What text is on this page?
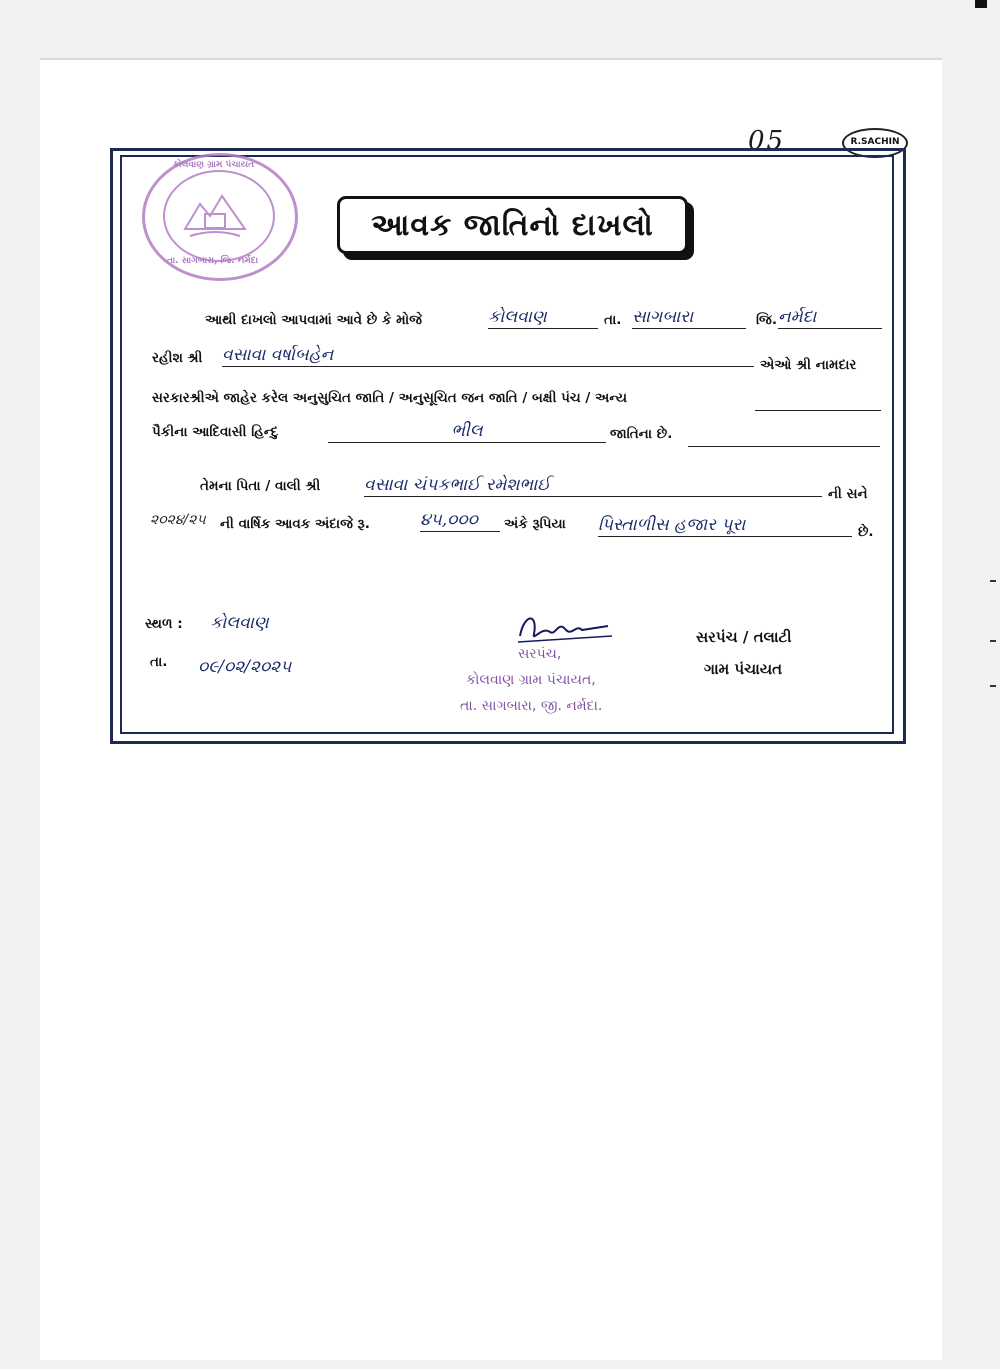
05	R.SACHIN
કોલવાણ ગ્રામ પંચાયત
તા. સાગબારા, જિ. નર્મદા
આવક જાતિનો દાખલો
આથી દાખલો આપવામાં આવે છે કે મોજે	કોલવાણ	તા. સાગબારા	જિ. નર્મદા
રહીશ શ્રી વસાવા વર્ષાબહેન	એઓ શ્રી નામદાર
સરકારશ્રીએ જાહેર કરેલ અનુસુચિત જાતિ / અનુસૂચિત જન જાતિ / બક્ષી પંચ / અન્ય
પૈકીના આદિવાસી હિન્દુ	ભીલ	જાતિના છે.
તેમના પિતા / વાલી શ્રી	વસાવા ચંપકભાઈ રમેશભાઈ	ની સને
૨૦૨૪/૨૫	ની વાર્ષિક આવક અંદાજે રૂ.	૪૫,૦૦૦	અંકે રૂપિયા પિસ્તાળીસ હજાર પૂરા	છે.
સ્થળ : કોલવાણ
તા. ૦૯/૦૨/૨૦૨૫
સરપંચ,
કોલવાણ ગ્રામ પંચાયત,
તા. સાગબારા, જી. નર્મદા.
સરપંચ / તલાટી
ગામ પંચાયત
